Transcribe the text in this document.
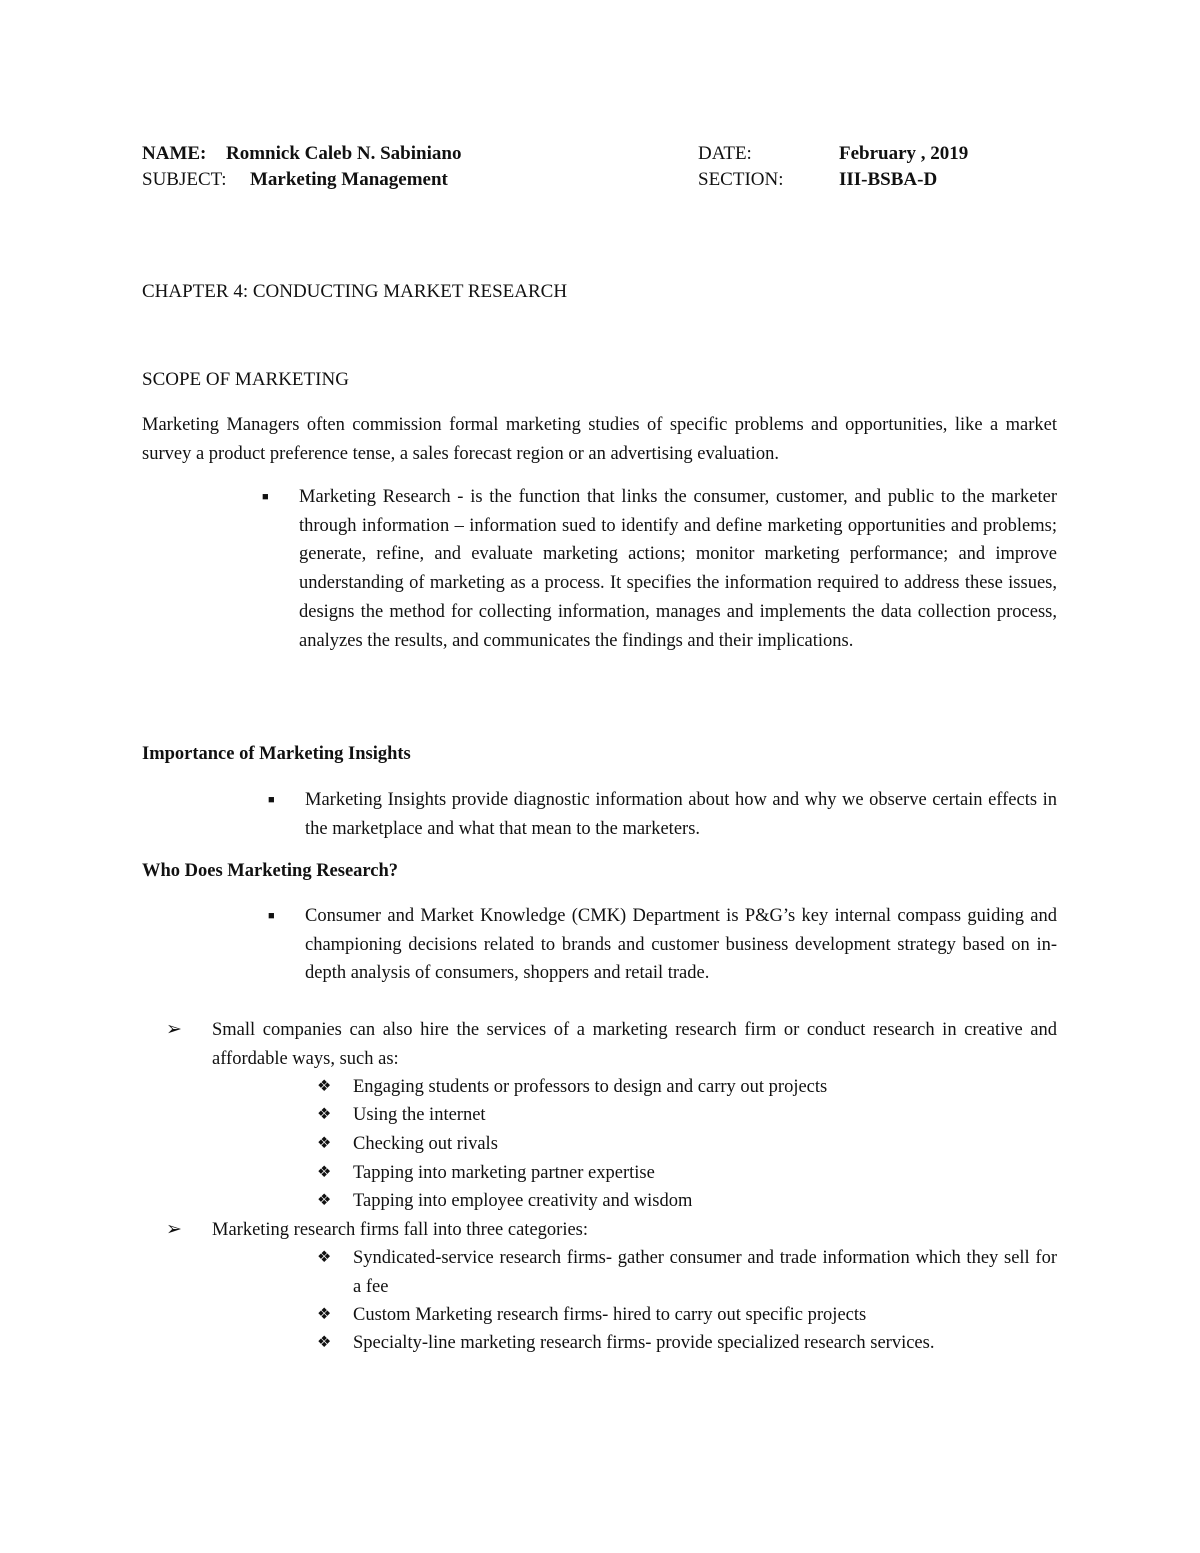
NAME: Romnick Caleb N. Sabiniano	DATE:	February , 2019
SUBJECT: Marketing Management	SECTION:	III-BSBA-D
CHAPTER 4: CONDUCTING MARKET RESEARCH
SCOPE OF MARKETING
Marketing Managers often commission formal marketing studies of specific problems and opportunities, like a market survey a product preference tense, a sales forecast region or an advertising evaluation.
■ Marketing Research - is the function that links the consumer, customer, and public to the marketer through information – information sued to identify and define marketing opportunities and problems; generate, refine, and evaluate marketing actions; monitor marketing performance; and improve understanding of marketing as a process. It specifies the information required to address these issues, designs the method for collecting information, manages and implements the data collection process, analyzes the results, and communicates the findings and their implications.
Importance of Marketing Insights
■ Marketing Insights provide diagnostic information about how and why we observe certain effects in the marketplace and what that mean to the marketers.
Who Does Marketing Research?
■ Consumer and Market Knowledge (CMK) Department is P&G’s key internal compass guiding and championing decisions related to brands and customer business development strategy based on in-depth analysis of consumers, shoppers and retail trade.
➢ Small companies can also hire the services of a marketing research firm or conduct research in creative and affordable ways, such as:
❖ Engaging students or professors to design and carry out projects
❖ Using the internet
❖ Checking out rivals
❖ Tapping into marketing partner expertise
❖ Tapping into employee creativity and wisdom
➢ Marketing research firms fall into three categories:
❖ Syndicated-service research firms- gather consumer and trade information which they sell for a fee
❖ Custom Marketing research firms- hired to carry out specific projects
❖ Specialty-line marketing research firms- provide specialized research services.
